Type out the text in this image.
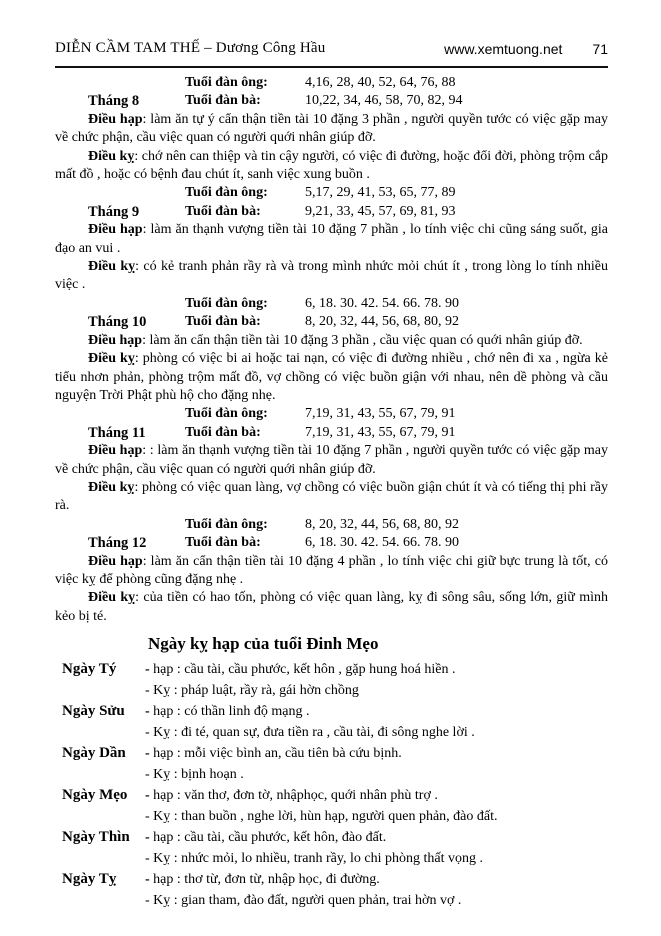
DIỄN CẦM TAM THẾ – Dương Công Hầu	www.xemtuong.net 71
Tuổi đàn ông:	4,16, 28, 40, 52, 64, 76, 88
Tháng 8	Tuổi đàn bà:	10,22, 34, 46, 58, 70, 82, 94

Điều hạp: làm ăn tự ý cẩn thận tiền tài 10 đặng 3 phần , người quyền tước có việc gặp may về chức phận, cầu việc quan có người quới nhân giúp đỡ.

Điều kỵ: chớ nên can thiệp và tin cậy người, có việc đi đường, hoặc đổi đời, phòng trộm cắp mất đồ , hoặc có bệnh đau chút ít, sanh việc xung buồn .

Tuổi đàn ông:	5,17, 29, 41, 53, 65, 77, 89
Tháng 9	Tuổi đàn bà:	9,21, 33, 45, 57, 69, 81, 93

Điều hạp: làm ăn thạnh vượng tiền tài 10 đặng 7 phần , lo tính việc chi cũng sáng suốt, gia đạo an vui .

Điều kỵ: có kẻ tranh phản rầy rà và trong mình nhức mỏi chút ít , trong lòng lo tính nhiều việc .

Tuổi đàn ông:	6, 18. 30. 42. 54. 66. 78. 90
Tháng 10	Tuổi đàn bà:	8, 20, 32, 44, 56, 68, 80, 92

Điều hạp: làm ăn cẩn thận tiền tài 10 đặng 3 phần , cầu việc quan có quới nhân giúp đỡ.

Điều kỵ: phòng có việc bi ai hoặc tai nạn, có việc đi đường nhiều , chớ nên đi xa , ngừa kẻ tiểu nhơn phản, phòng trộm mất đồ, vợ chồng có việc buồn giận với nhau, nên dề phòng và cầu nguyện Trời Phật phù hộ cho đặng nhẹ.

Tuổi đàn ông:	7,19, 31, 43, 55, 67, 79, 91
Tháng 11	Tuổi đàn bà:	7,19, 31, 43, 55, 67, 79, 91

Điều hạp: : làm ăn thạnh vượng tiền tài 10 đặng 7 phần , người quyền tước có việc gặp may về chức phận, cầu việc quan có người quới nhân giúp đỡ.

Điều kỵ: phòng có việc quan làng, vợ chồng có việc buồn giận chút ít và có tiếng thị phi rầy rà.

Tuổi đàn ông:	8, 20, 32, 44, 56, 68, 80, 92
Tháng 12	Tuổi đàn bà:	6, 18. 30. 42. 54. 66. 78. 90

Điều hạp: làm ăn cẩn thận tiền tài 10 đặng 4 phần , lo tính việc chi giữ bực trung là tốt, có việc kỵ để phòng cũng đặng nhẹ .

Điều kỵ: của tiền có hao tốn, phòng có việc quan làng, kỵ đi sông sâu, sống lớn, giữ mình kẻo bị té.

Ngày kỵ hạp của tuổi Đinh Mẹo
Ngày Tý	- hạp : cầu tài, cầu phước, kết hôn , gặp hung hoá hiền .
- Kỵ : pháp luật, rầy rà, gái hờn chồng
Ngày Sửu	- hạp : có thần linh độ mạng .
- Kỵ : đi té, quan sự, đưa tiền ra , cầu tài, đi sông nghe lời .
Ngày Dần	- hạp : mỗi việc bình an, cầu tiên bà cứu bịnh.
- Kỵ : bịnh hoạn .
Ngày Mẹo	- hạp : văn thơ, đơn tờ, nhậphọc, quới nhân phù trợ .
- Kỵ : than buồn , nghe lời, hùn hạp, người quen phản, đào đất.
Ngày Thìn	- hạp : cầu tài, cầu phước, kết hôn, đào đất.
- Kỵ : nhức mỏi, lo nhiều, tranh rầy, lo chi phòng thất vọng .
Ngày Tỵ	- hạp : thơ từ, đơn từ, nhập học, đi đường.
- Kỵ : gian tham, đào đất, người quen phản, trai hờn vợ .
